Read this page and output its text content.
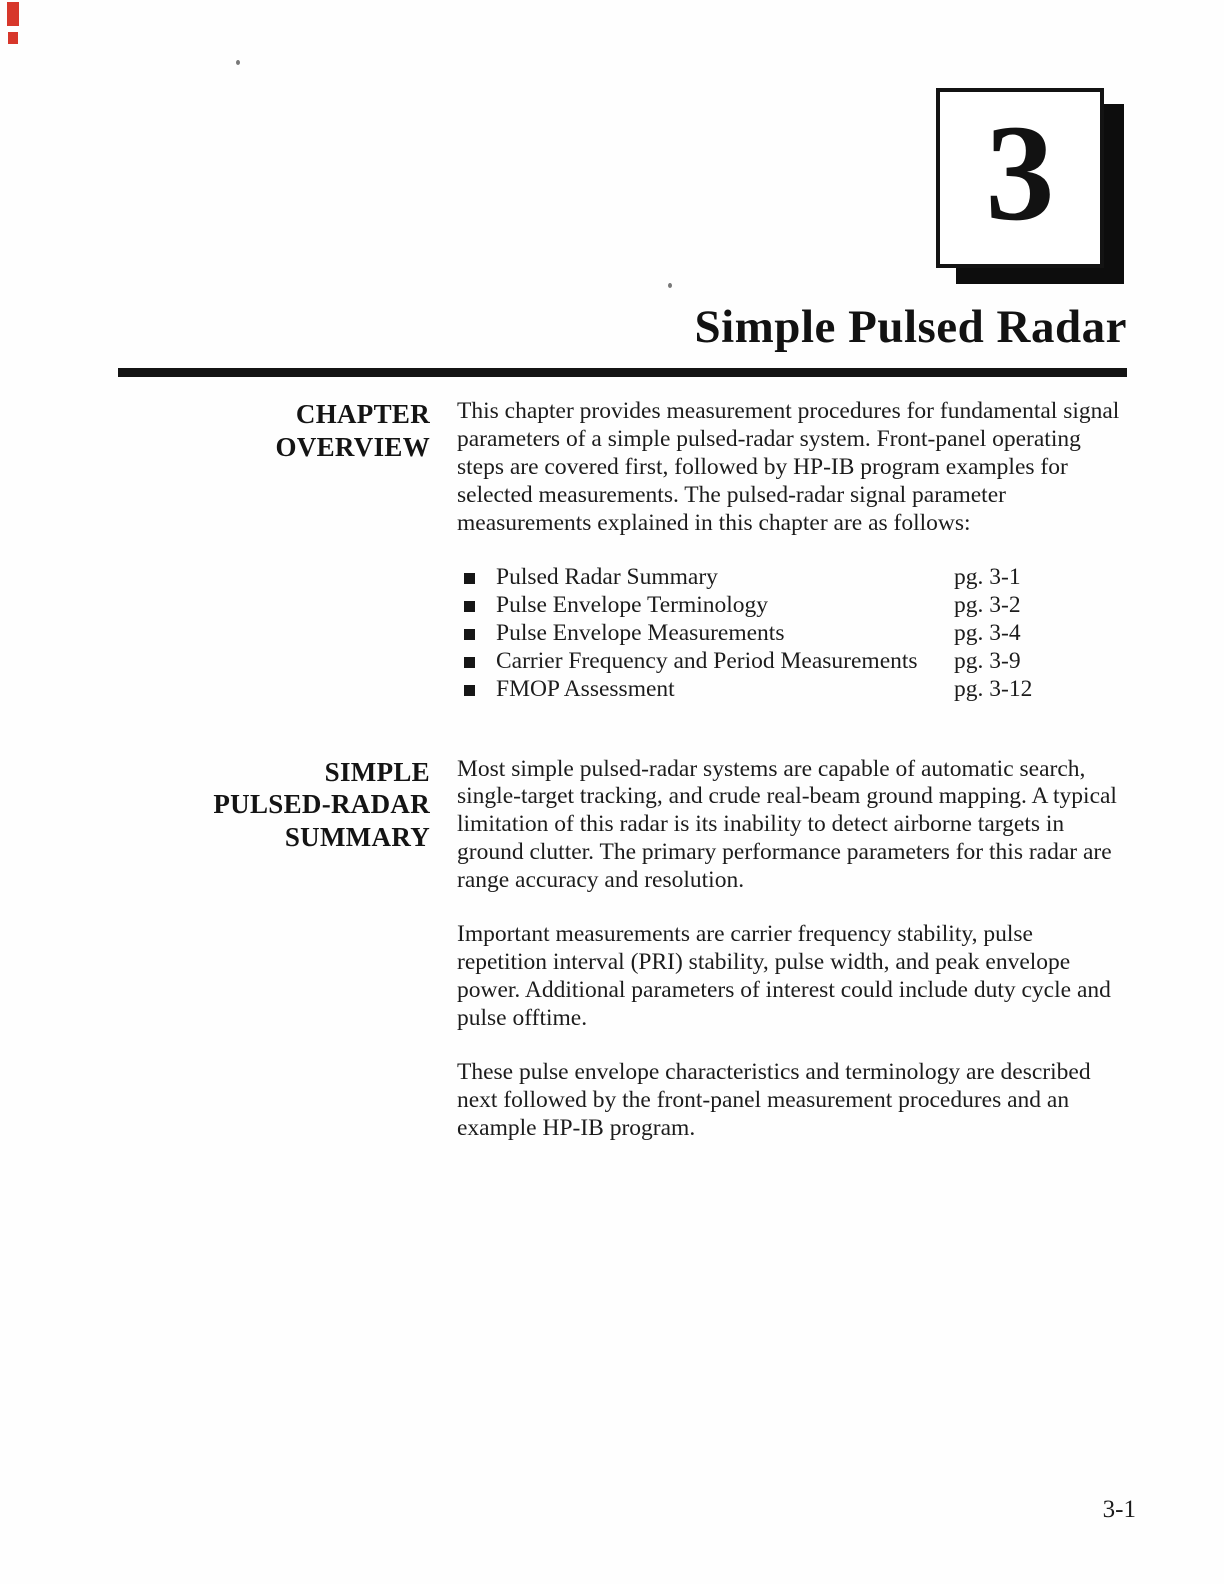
3
Simple Pulsed Radar
CHAPTER
OVERVIEW

This chapter provides measurement procedures for fundamental signal parameters of a simple pulsed-radar system. Front-panel operating steps are covered first, followed by HP-IB program examples for selected measurements. The pulsed-radar signal parameter measurements explained in this chapter are as follows:

Pulsed Radar Summary	pg. 3-1
Pulse Envelope Terminology	pg. 3-2
Pulse Envelope Measurements	pg. 3-4
Carrier Frequency and Period Measurements	pg. 3-9
FMOP Assessment	pg. 3-12
SIMPLE
PULSED-RADAR
SUMMARY

Most simple pulsed-radar systems are capable of automatic search, single-target tracking, and crude real-beam ground mapping. A typical limitation of this radar is its inability to detect airborne targets in ground clutter. The primary performance parameters for this radar are range accuracy and resolution.

Important measurements are carrier frequency stability, pulse repetition interval (PRI) stability, pulse width, and peak envelope power. Additional parameters of interest could include duty cycle and pulse offtime.

These pulse envelope characteristics and terminology are described next followed by the front-panel measurement procedures and an example HP-IB program.

3-1
